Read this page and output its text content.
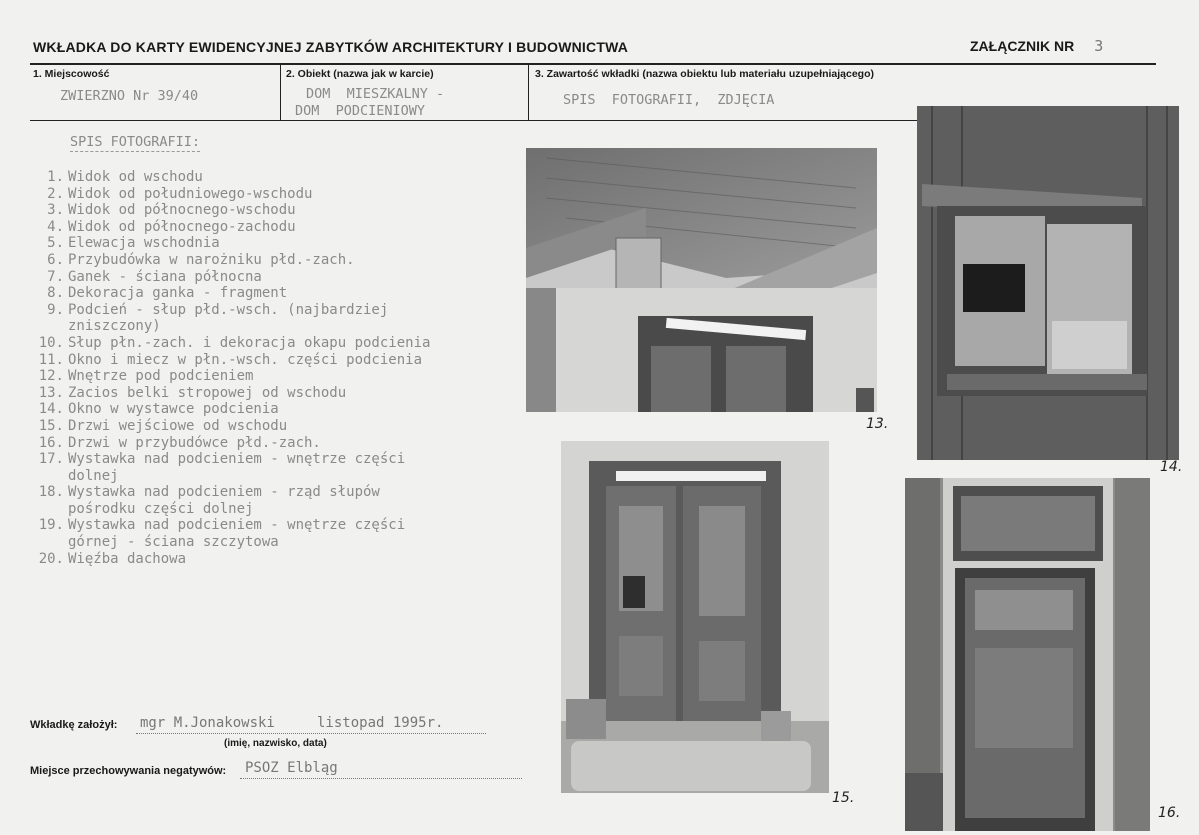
WKŁADKA DO KARTY EWIDENCYJNEJ ZABYTKÓW ARCHITEKTURY I BUDOWNICTWA	ZAŁĄCZNIK NR 3
1. Miejscowość
ZWIERZNO Nr 39/40
2. Obiekt (nazwa jak w karcie)
DOM  MIESZKALNY -
DOM  PODCIENIOWY
3. Zawartość wkładki (nazwa obiektu lub materiału uzupełniającego)
SPIS  FOTOGRAFII,  ZDJĘCIA
SPIS FOTOGRAFII:
1. Widok od wschodu
2. Widok od południowego-wschodu
3. Widok od północnego-wschodu
4. Widok od północnego-zachodu
5. Elewacja wschodnia
6. Przybudówka w narożniku płd.-zach.
7. Ganek - ściana północna
8. Dekoracja ganka - fragment
9. Podcień - słup płd.-wsch. (najbardziej
zniszczony)
10. Słup płn.-zach. i dekoracja okapu podcienia
11. Okno i miecz w płn.-wsch. części podcienia
12. Wnętrze pod podcieniem
13. Zacios belki stropowej od wschodu
14. Okno w wystawce podcienia
15. Drzwi wejściowe od wschodu
16. Drzwi w przybudówce płd.-zach.
17. Wystawka nad podcieniem - wnętrze części
dolnej
18. Wystawka nad podcieniem - rząd słupów
pośrodku części dolnej
19. Wystawka nad podcieniem - wnętrze części
górnej - ściana szczytowa
20. Więźba dachowa
Wkładkę założył: mgr M.Jonakowski     listopad 1995r.
(imię, nazwisko, data)
Miejsce przechowywania negatywów: PSOZ Elbląg
13.
14.
15.
16.
